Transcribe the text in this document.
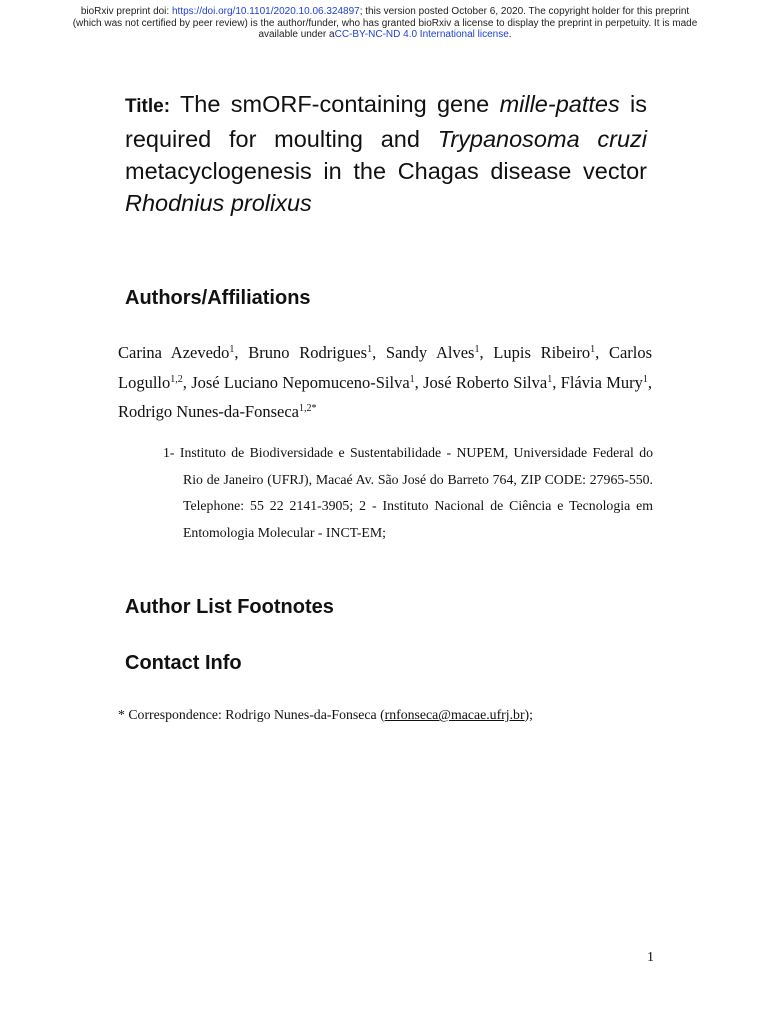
bioRxiv preprint doi: https://doi.org/10.1101/2020.10.06.324897; this version posted October 6, 2020. The copyright holder for this preprint
(which was not certified by peer review) is the author/funder, who has granted bioRxiv a license to display the preprint in perpetuity. It is made
available under aCC-BY-NC-ND 4.0 International license.
Title: The smORF-containing gene mille-pattes is required for moulting and Trypanosoma cruzi metacyclogenesis in the Chagas disease vector Rhodnius prolixus
Authors/Affiliations
Carina Azevedo$^1$, Bruno Rodrigues$^1$, Sandy Alves$^1$, Lupis Ribeiro$^1$, Carlos Logullo$^{1,2}$, José Luciano Nepomuceno-Silva$^1$, José Roberto Silva$^1$, Flávia Mury$^1$, Rodrigo Nunes-da-Fonseca$^{1,2*}$
1- Instituto de Biodiversidade e Sustentabilidade - NUPEM, Universidade Federal do Rio de Janeiro (UFRJ), Macaé Av. São José do Barreto 764, ZIP CODE: 27965-550. Telephone: 55 22 2141-3905; 2 - Instituto Nacional de Ciência e Tecnologia em Entomologia Molecular - INCT-EM;
Author List Footnotes
Contact Info
* Correspondence: Rodrigo Nunes-da-Fonseca (rnfonseca@macae.ufrj.br);
1
